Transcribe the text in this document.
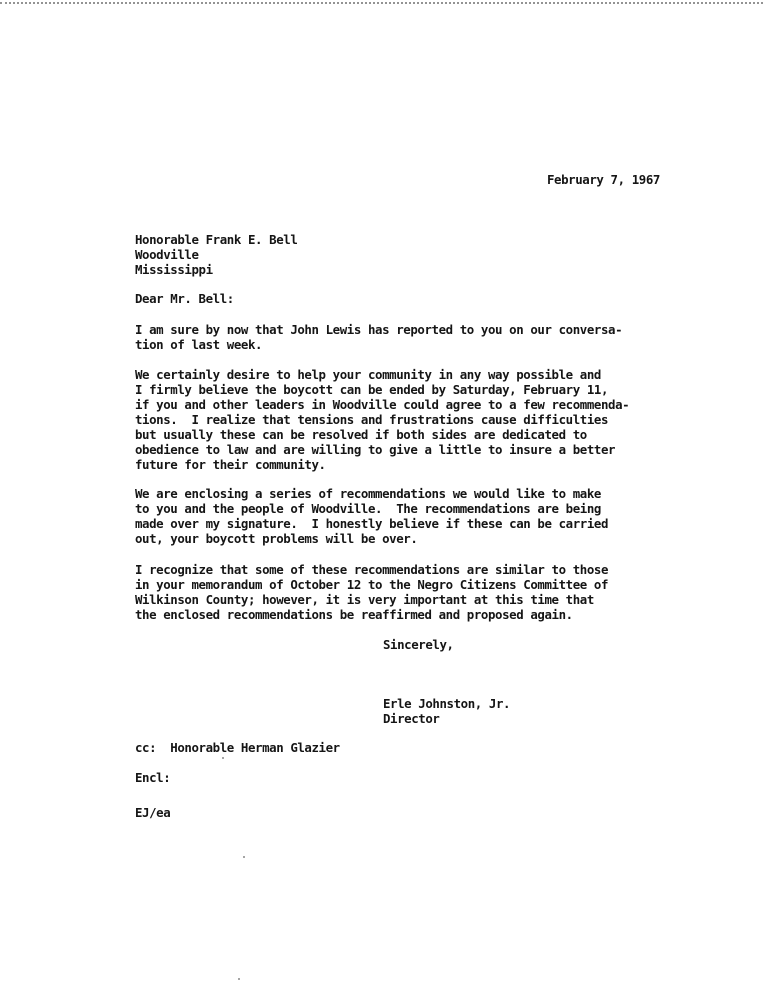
February 7, 1967
Honorable Frank E. Bell
Woodville
Mississippi
Dear Mr. Bell:
I am sure by now that John Lewis has reported to you on our conversa-
tion of last week.
We certainly desire to help your community in any way possible and
I firmly believe the boycott can be ended by Saturday, February 11,
if you and other leaders in Woodville could agree to a few recommenda-
tions.  I realize that tensions and frustrations cause difficulties
but usually these can be resolved if both sides are dedicated to
obedience to law and are willing to give a little to insure a better
future for their community.
We are enclosing a series of recommendations we would like to make
to you and the people of Woodville.  The recommendations are being
made over my signature.  I honestly believe if these can be carried
out, your boycott problems will be over.
I recognize that some of these recommendations are similar to those
in your memorandum of October 12 to the Negro Citizens Committee of
Wilkinson County; however, it is very important at this time that
the enclosed recommendations be reaffirmed and proposed again.
Sincerely,
Erle Johnston, Jr.
Director
cc:  Honorable Herman Glazier
Encl:
EJ/ea
